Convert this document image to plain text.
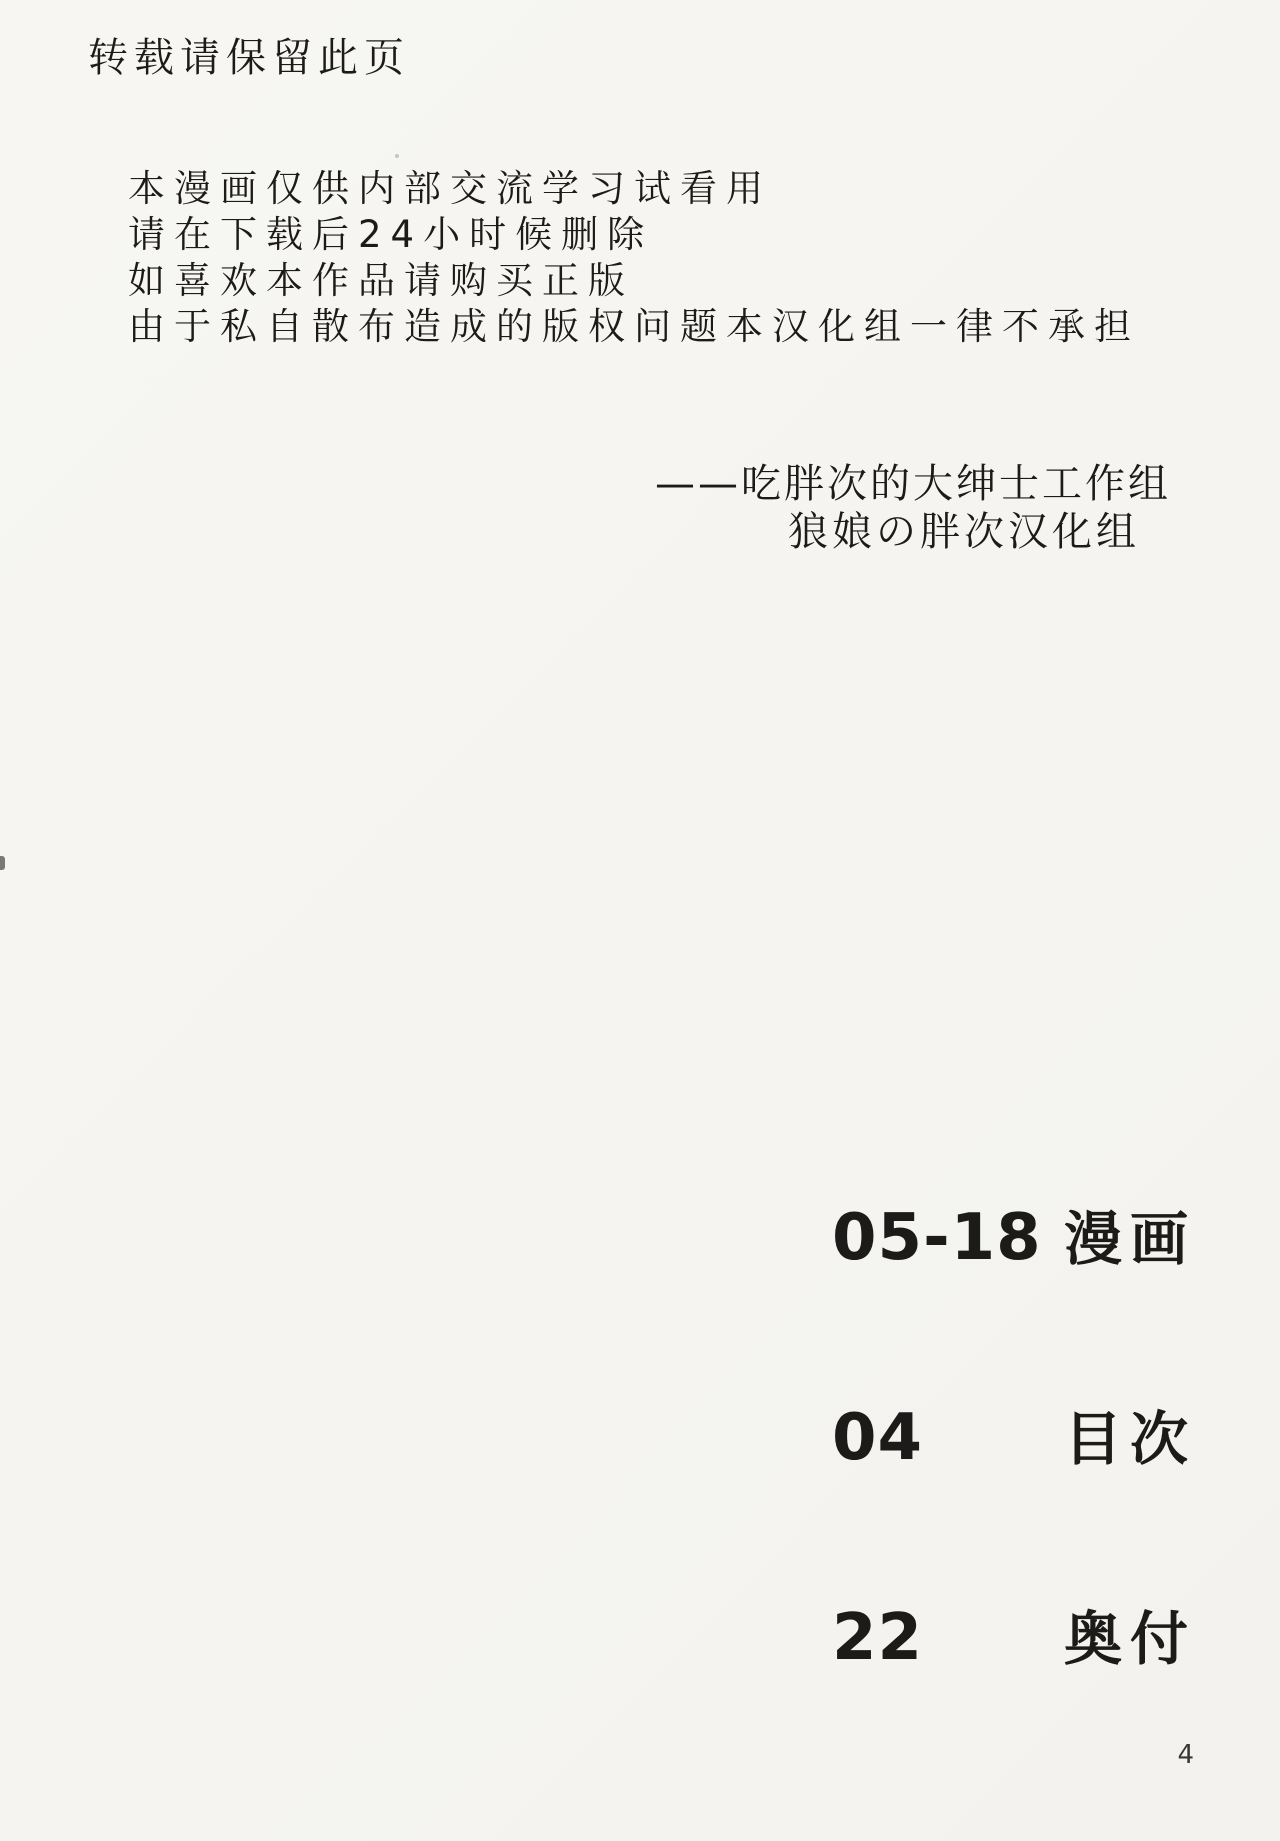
转载请保留此页

本漫画仅供内部交流学习试看用

请在下载后24小时候删除

如喜欢本作品请购买正版

由于私自散布造成的版权问题本汉化组一律不承担

——吃胖次的大绅士工作组
狼娘の胖次汉化组
05-18 漫画
04 目次
22 奥付
4
